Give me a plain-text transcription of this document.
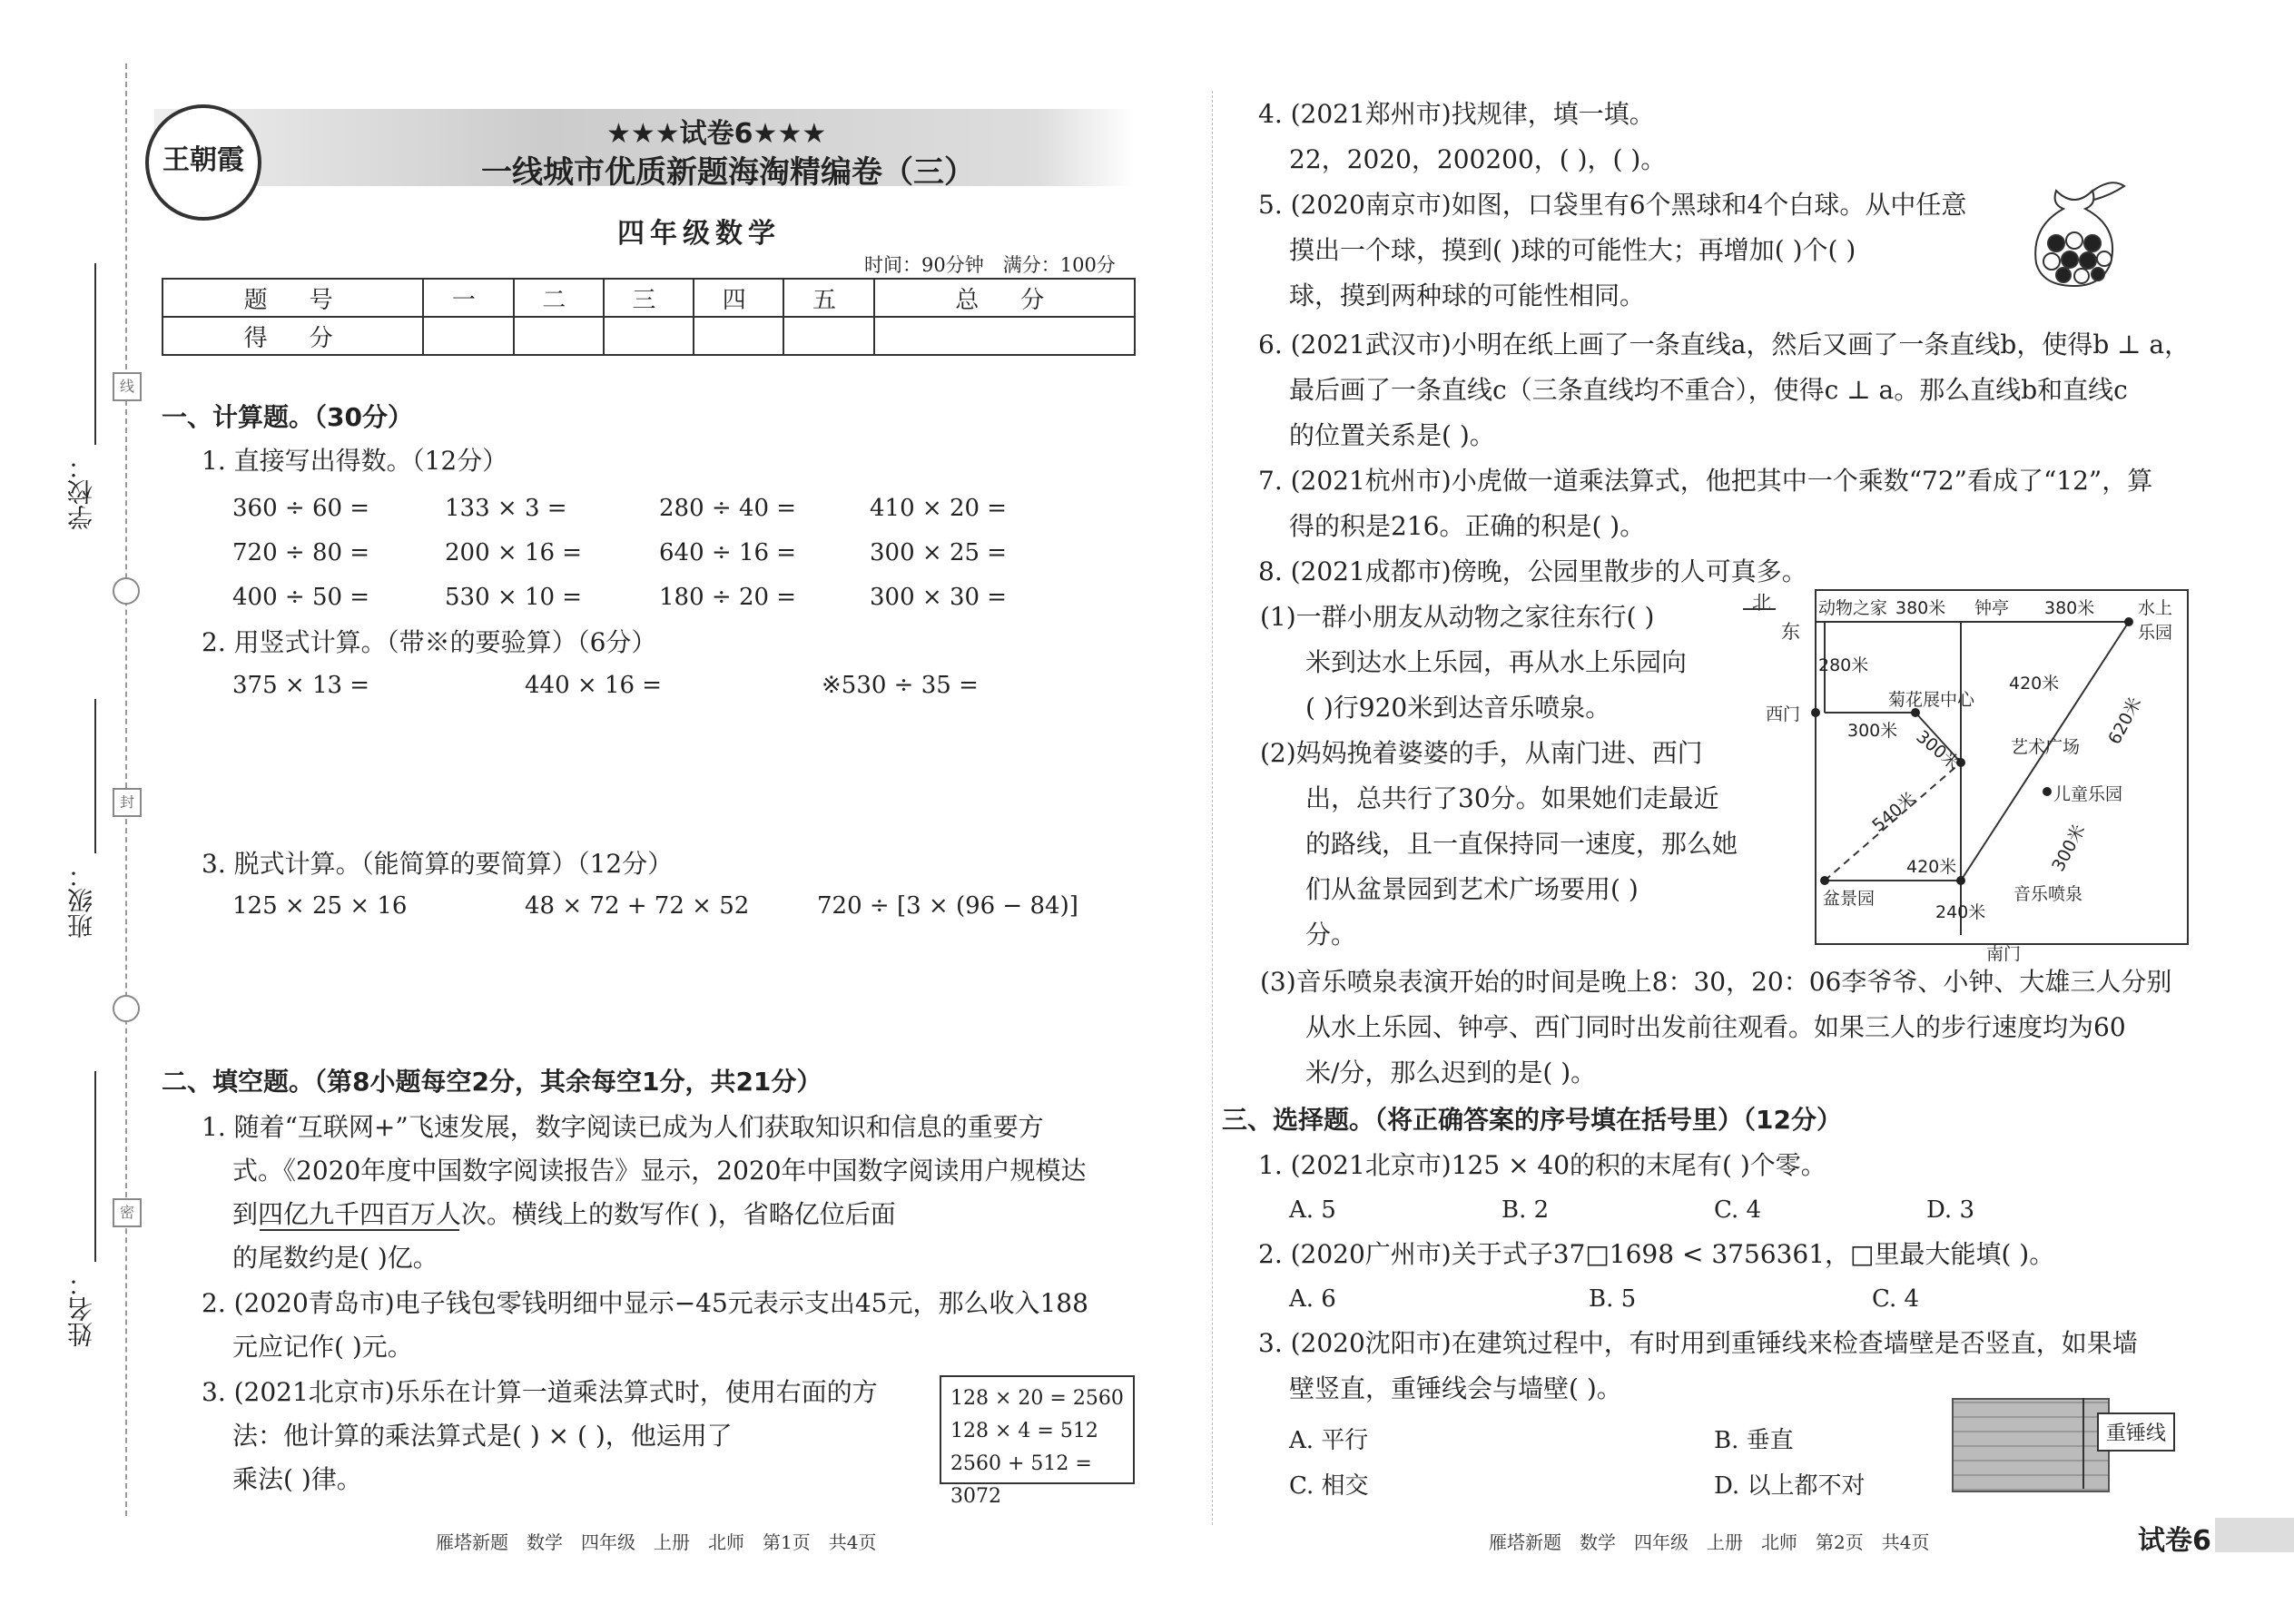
学校：
班级：
姓名：
线
封
密
王朝霞
★★★试卷6★★★
一线城市优质新题海淘精编卷（三）
四年级数学
时间：90分钟　满分：100分
题　号	一	二	三	四	五	总　分
得　分						
一、计算题。（30分）
1. 直接写出得数。（12分）
360 ÷ 60 =	133 × 3 =	280 ÷ 40 =	410 × 20 =
720 ÷ 80 =	200 × 16 =	640 ÷ 16 =	300 × 25 =
400 ÷ 50 =	530 × 10 =	180 ÷ 20 =	300 × 30 =
2. 用竖式计算。（带※的要验算）（6分）
375 × 13 =	440 × 16 =	※530 ÷ 35 =
3. 脱式计算。（能简算的要简算）（12分）
125 × 25 × 16	48 × 72 + 72 × 52	720 ÷ [3 × (96 − 84)]
二、填空题。（第8小题每空2分，其余每空1分，共21分）
1. 随着“互联网+”飞速发展，数字阅读已成为人们获取知识和信息的重要方
式。《2020年度中国数字阅读报告》显示，2020年中国数字阅读用户规模达
到四亿九千四百万人次。横线上的数写作( )，省略亿位后面
的尾数约是( )亿。
2. (2020青岛市)电子钱包零钱明细中显示−45元表示支出45元，那么收入188
元应记作( )元。
3. (2021北京市)乐乐在计算一道乘法算式时，使用右面的方
法：他计算的乘法算式是( ) × ( )，他运用了
乘法( )律。
128 × 20 = 2560
128 × 4 = 512
2560 + 512 = 3072
雁塔新题　数学　四年级　上册　北师　第1页　共4页
4. (2021郑州市)找规律，填一填。
22，2020，200200，( )，( )。
5. (2020南京市)如图，口袋里有6个黑球和4个白球。从中任意
摸出一个球，摸到( )球的可能性大；再增加( )个( )
球，摸到两种球的可能性相同。
6. (2021武汉市)小明在纸上画了一条直线a，然后又画了一条直线b，使得b ⊥ a，
最后画了一条直线c（三条直线均不重合），使得c ⊥ a。那么直线b和直线c
的位置关系是( )。
7. (2021杭州市)小虎做一道乘法算式，他把其中一个乘数“72”看成了“12”，算
得的积是216。正确的积是( )。
8. (2021成都市)傍晚，公园里散步的人可真多。
(1)一群小朋友从动物之家往东行( )
米到达水上乐园，再从水上乐园向
( )行920米到达音乐喷泉。
(2)妈妈挽着婆婆的手，从南门进、西门
出，总共行了30分。如果她们走最近
的路线，且一直保持同一速度，那么她
们从盆景园到艺术广场要用( )
分。
(3)音乐喷泉表演开始的时间是晚上8：30，20：06李爷爷、小钟、大雄三人分别
从水上乐园、钟亭、西门同时出发前往观看。如果三人的步行速度均为60
米/分，那么迟到的是( )。
北
东
动物之家 380米 钟亭 380米	水上乐园
280米
西门
菊花展中心
420米
300米 300米	艺术广场 620米
儿童乐园
540米
420米	300米
盆景园	音乐喷泉
240米
南门
三、选择题。（将正确答案的序号填在括号里）（12分）
1. (2021北京市)125 × 40的积的末尾有( )个零。
A. 5	B. 2	C. 4	D. 3
2. (2020广州市)关于式子37□1698 < 3756361，□里最大能填( )。
A. 6	B. 5	C. 4
3. (2020沈阳市)在建筑过程中，有时用到重锤线来检查墙壁是否竖直，如果墙
壁竖直，重锤线会与墙壁( )。
A. 平行	B. 垂直
C. 相交	D. 以上都不对
重锤线
雁塔新题　数学　四年级　上册　北师　第2页　共4页	试卷6
